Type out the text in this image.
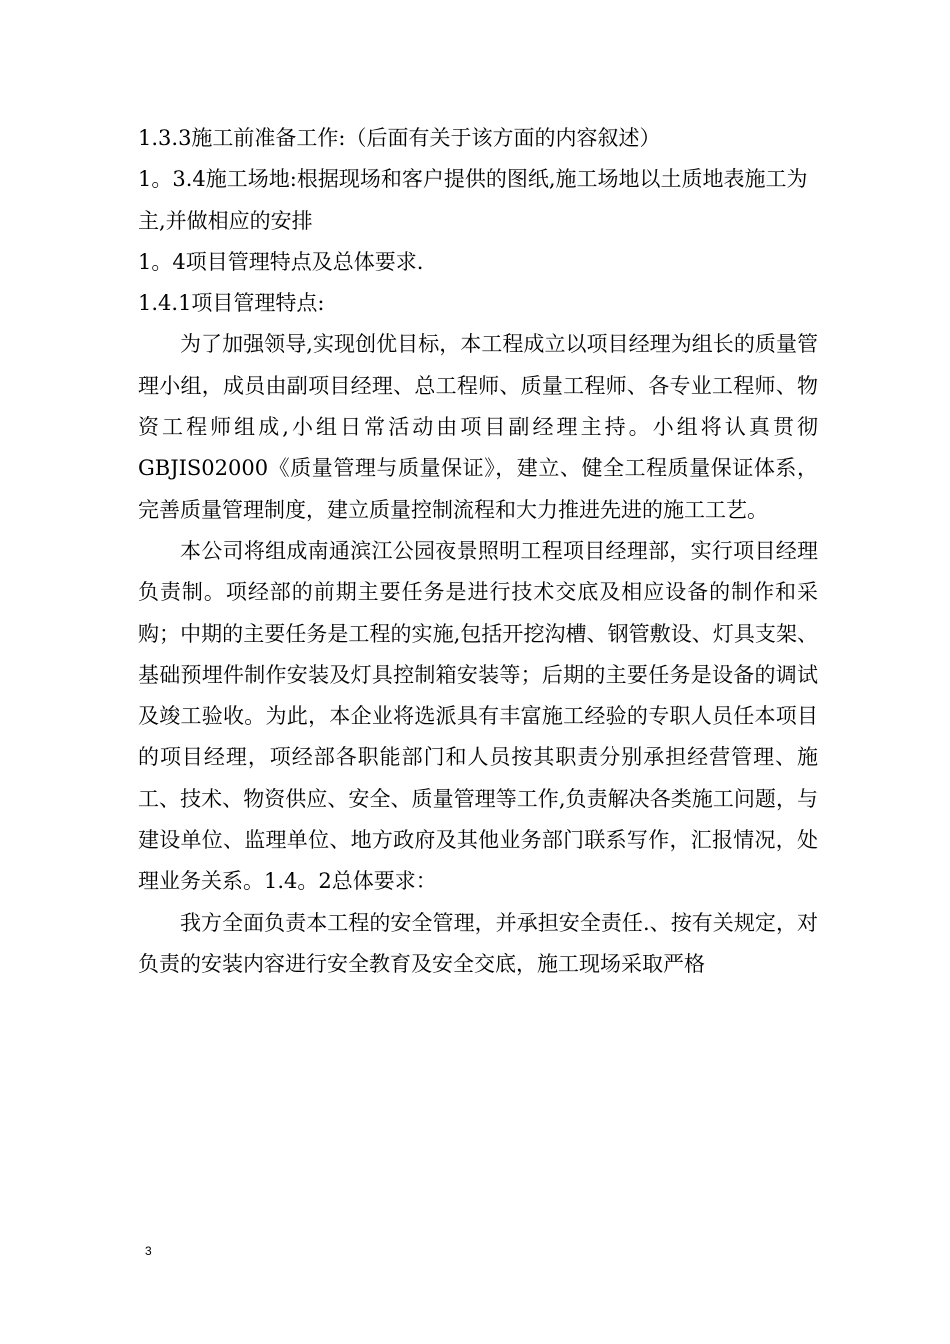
1.3.3施工前准备工作:（后面有关于该方面的内容叙述）

1。3.4施工场地:根据现场和客户提供的图纸,施工场地以土质地表施工为主,并做相应的安排

1。4项目管理特点及总体要求.

1.4.1项目管理特点:

为了加强领导,实现创优目标，本工程成立以项目经理为组长的质量管理小组，成员由副项目经理、总工程师、质量工程师、各专业工程师、物资工程师组成,小组日常活动由项目副经理主持。小组将认真贯彻GBJIS02000《质量管理与质量保证》，建立、健全工程质量保证体系，完善质量管理制度，建立质量控制流程和大力推进先进的施工工艺。

本公司将组成南通滨江公园夜景照明工程项目经理部，实行项目经理负责制。项经部的前期主要任务是进行技术交底及相应设备的制作和采购；中期的主要任务是工程的实施,包括开挖沟槽、钢管敷设、灯具支架、基础预埋件制作安装及灯具控制箱安装等；后期的主要任务是设备的调试及竣工验收。为此，本企业将选派具有丰富施工经验的专职人员任本项目的项目经理，项经部各职能部门和人员按其职责分别承担经营管理、施工、技术、物资供应、安全、质量管理等工作,负责解决各类施工问题，与建设单位、监理单位、地方政府及其他业务部门联系写作，汇报情况，处理业务关系。1.4。2总体要求：

我方全面负责本工程的安全管理，并承担安全责任.、按有关规定，对负责的安装内容进行安全教育及安全交底，施工现场采取严格

3
